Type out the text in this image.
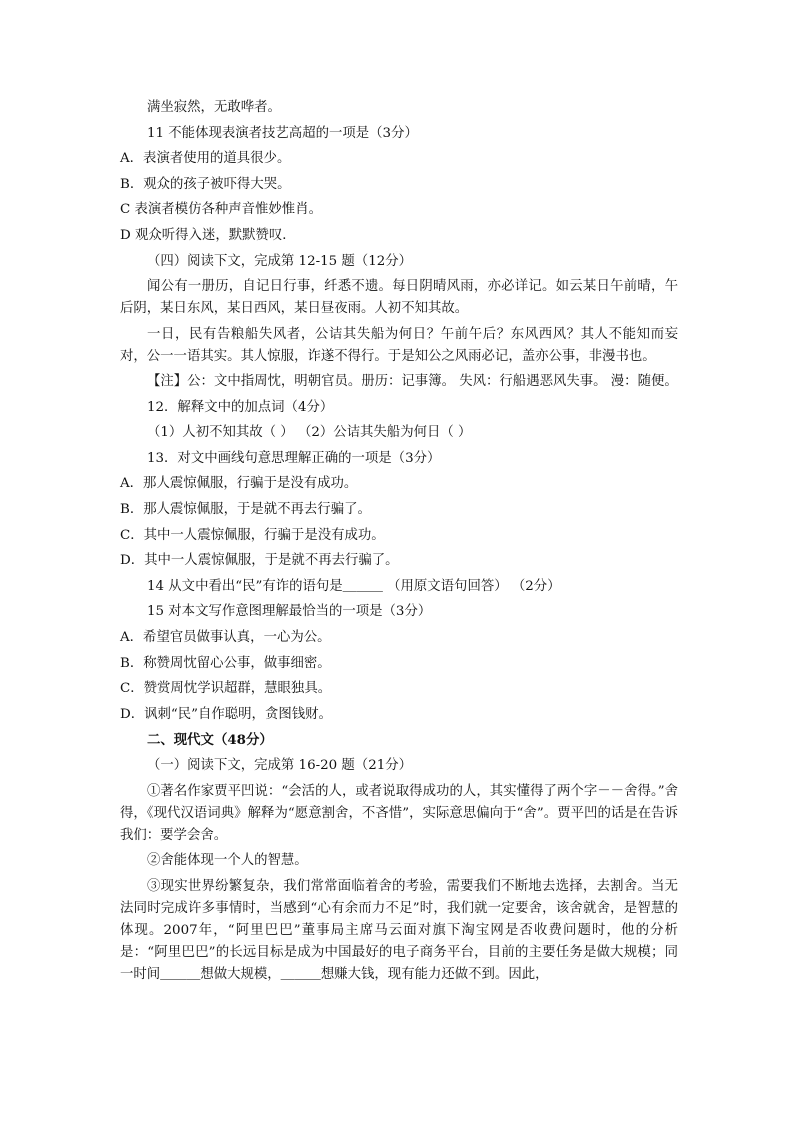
满坐寂然，无敢哗者。
11 不能体现表演者技艺高超的一项是（3分）
A．表演者使用的道具很少。
B．观众的孩子被吓得大哭。
C 表演者模仿各种声音惟妙惟肖。
D 观众听得入迷，默默赞叹．
（四）阅读下文，完成第 12-15 题（12分）
闻公有一册历，自记日行事，纤悉不遗。每日阴晴风雨，亦必详记。如云某日午前晴，午后阴，某日东风，某日西风，某日昼夜雨。人初不知其故。
一日，民有告粮船失风者，公诘其失船为何日？午前午后？东风西风？其人不能知而妄对，公一一语其实。其人惊服，诈遂不得行。于是知公之风雨必记，盖亦公事，非漫书也。
【注】公：文中指周忱，明朝官员。册历：记事簿。 失风：行船遇恶风失事。 漫：随便。
12．解释文中的加点词（4分）
（1）人初不知其故（ ） （2）公诘其失船为何日（ ）
13．对文中画线句意思理解正确的一项是（3分）
A．那人震惊佩服，行骗于是没有成功。
B．那人震惊佩服，于是就不再去行骗了。
C．其中一人震惊佩服，行骗于是没有成功。
D．其中一人震惊佩服，于是就不再去行骗了。
14 从文中看出“民”有诈的语句是＿＿＿ （用原文语句回答） （2分）
15 对本文写作意图理解最恰当的一项是（3分）
A．希望官员做事认真，一心为公。
B．称赞周忱留心公事，做事细密。
C．赞赏周忱学识超群，慧眼独具。
D．讽刺“民”自作聪明，贪图钱财。
二、现代文（48分）
（一）阅读下文，完成第 16-20 题（21分）
①著名作家贾平凹说：“会活的人，或者说取得成功的人，其实懂得了两个字－－舍得。”舍得，《现代汉语词典》解释为“愿意割舍，不吝惜”，实际意思偏向于“舍”。贾平凹的话是在告诉我们：要学会舍。
②舍能体现一个人的智慧。
③现实世界纷繁复杂，我们常常面临着舍的考验，需要我们不断地去选择，去割舍。当无法同时完成许多事情时，当感到“心有余而力不足”时，我们就一定要舍，该舍就舍，是智慧的体现。2007年，“阿里巴巴”董事局主席马云面对旗下淘宝网是否收费问题时，他的分析是：“阿里巴巴”的长远目标是成为中国最好的电子商务平台，目前的主要任务是做大规模；同一时间＿＿＿想做大规模，＿＿＿想赚大钱，现有能力还做不到。因此，
